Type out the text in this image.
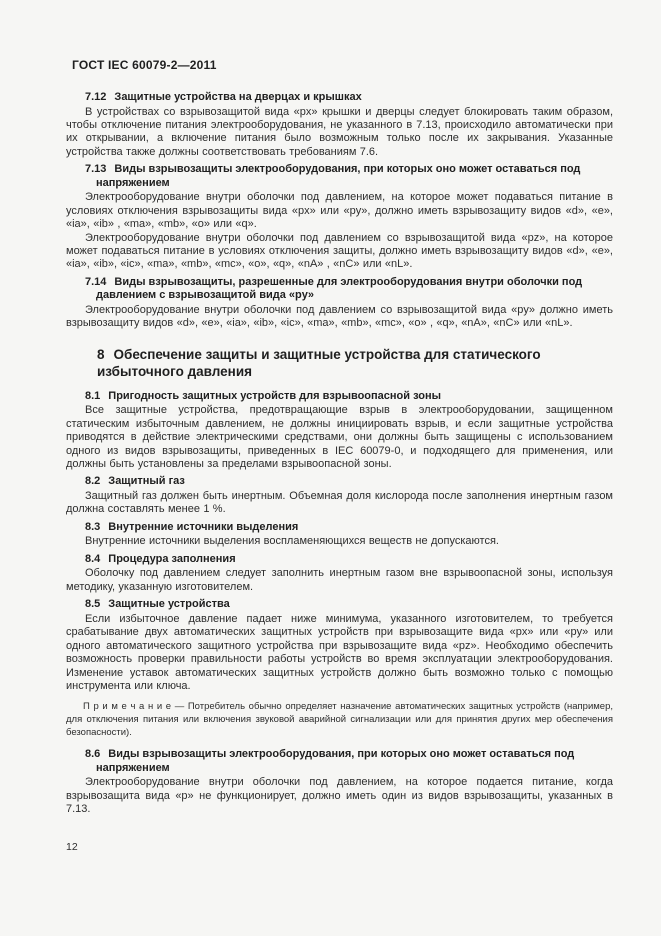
ГОСТ IEC 60079-2—2011
7.12 Защитные устройства на дверцах и крышках

В устройствах со взрывозащитой вида «px» крышки и дверцы следует блокировать таким образом, чтобы отключение питания электрооборудования, не указанного в 7.13, происходило автоматически при их открывании, а включение питания было возможным только после их закрывания. Указанные устройства также должны соответствовать требованиям 7.6.

7.13 Виды взрывозащиты электрооборудования, при которых оно может оставаться под напряжением

Электрооборудование внутри оболочки под давлением, на которое может подаваться питание в условиях отключения взрывозащиты вида «px» или «py», должно иметь взрывозащиту видов «d», «e», «ia», «ib» , «ma», «mb», «o» или «q».

Электрооборудование внутри оболочки под давлением со взрывозащитой вида «pz», на которое может подаваться питание в условиях отключения защиты, должно иметь взрывозащиту видов «d», «e», «ia», «ib», «ic», «ma», «mb», «mc», «o», «q», «nA» , «nC» или «nL».

7.14 Виды взрывозащиты, разрешенные для электрооборудования внутри оболочки под давлением с взрывозащитой вида «py»

Электрооборудование внутри оболочки под давлением со взрывозащитой вида «py» должно иметь взрывозащиту видов «d», «e», «ia», «ib», «ic», «ma», «mb», «mc», «o» , «q», «nA», «nC» или «nL».

8 Обеспечение защиты и защитные устройства для статического избыточного давления
8.1 Пригодность защитных устройств для взрывоопасной зоны

Все защитные устройства, предотвращающие взрыв в электрооборудовании, защищенном статическим избыточным давлением, не должны инициировать взрыв, и если защитные устройства приводятся в действие электрическими средствами, они должны быть защищены с использованием одного из видов взрывозащиты, приведенных в IEC 60079-0, и подходящего для применения, или должны быть установлены за пределами взрывоопасной зоны.

8.2 Защитный газ

Защитный газ должен быть инертным. Объемная доля кислорода после заполнения инертным газом должна составлять менее 1 %.

8.3 Внутренние источники выделения

Внутренние источники выделения воспламеняющихся веществ не допускаются.

8.4 Процедура заполнения

Оболочку под давлением следует заполнить инертным газом вне взрывоопасной зоны, используя методику, указанную изготовителем.

8.5 Защитные устройства

Если избыточное давление падает ниже минимума, указанного изготовителем, то требуется срабатывание двух автоматических защитных устройств при взрывозащите вида «px» или «py» или одного автоматического защитного устройства при взрывозащите вида «pz». Необходимо обеспечить возможность проверки правильности работы устройств во время эксплуатации электрооборудования. Изменение уставок автоматических защитных устройств должно быть возможно только с помощью инструмента или ключа.

П р и м е ч а н и е — Потребитель обычно определяет назначение автоматических защитных устройств (например, для отключения питания или включения звуковой аварийной сигнализации или для принятия других мер обеспечения безопасности).

8.6 Виды взрывозащиты электрооборудования, при которых оно может оставаться под напряжением

Электрооборудование внутри оболочки под давлением, на которое подается питание, когда взрывозащита вида «p» не функционирует, должно иметь один из видов взрывозащиты, указанных в 7.13.

12
